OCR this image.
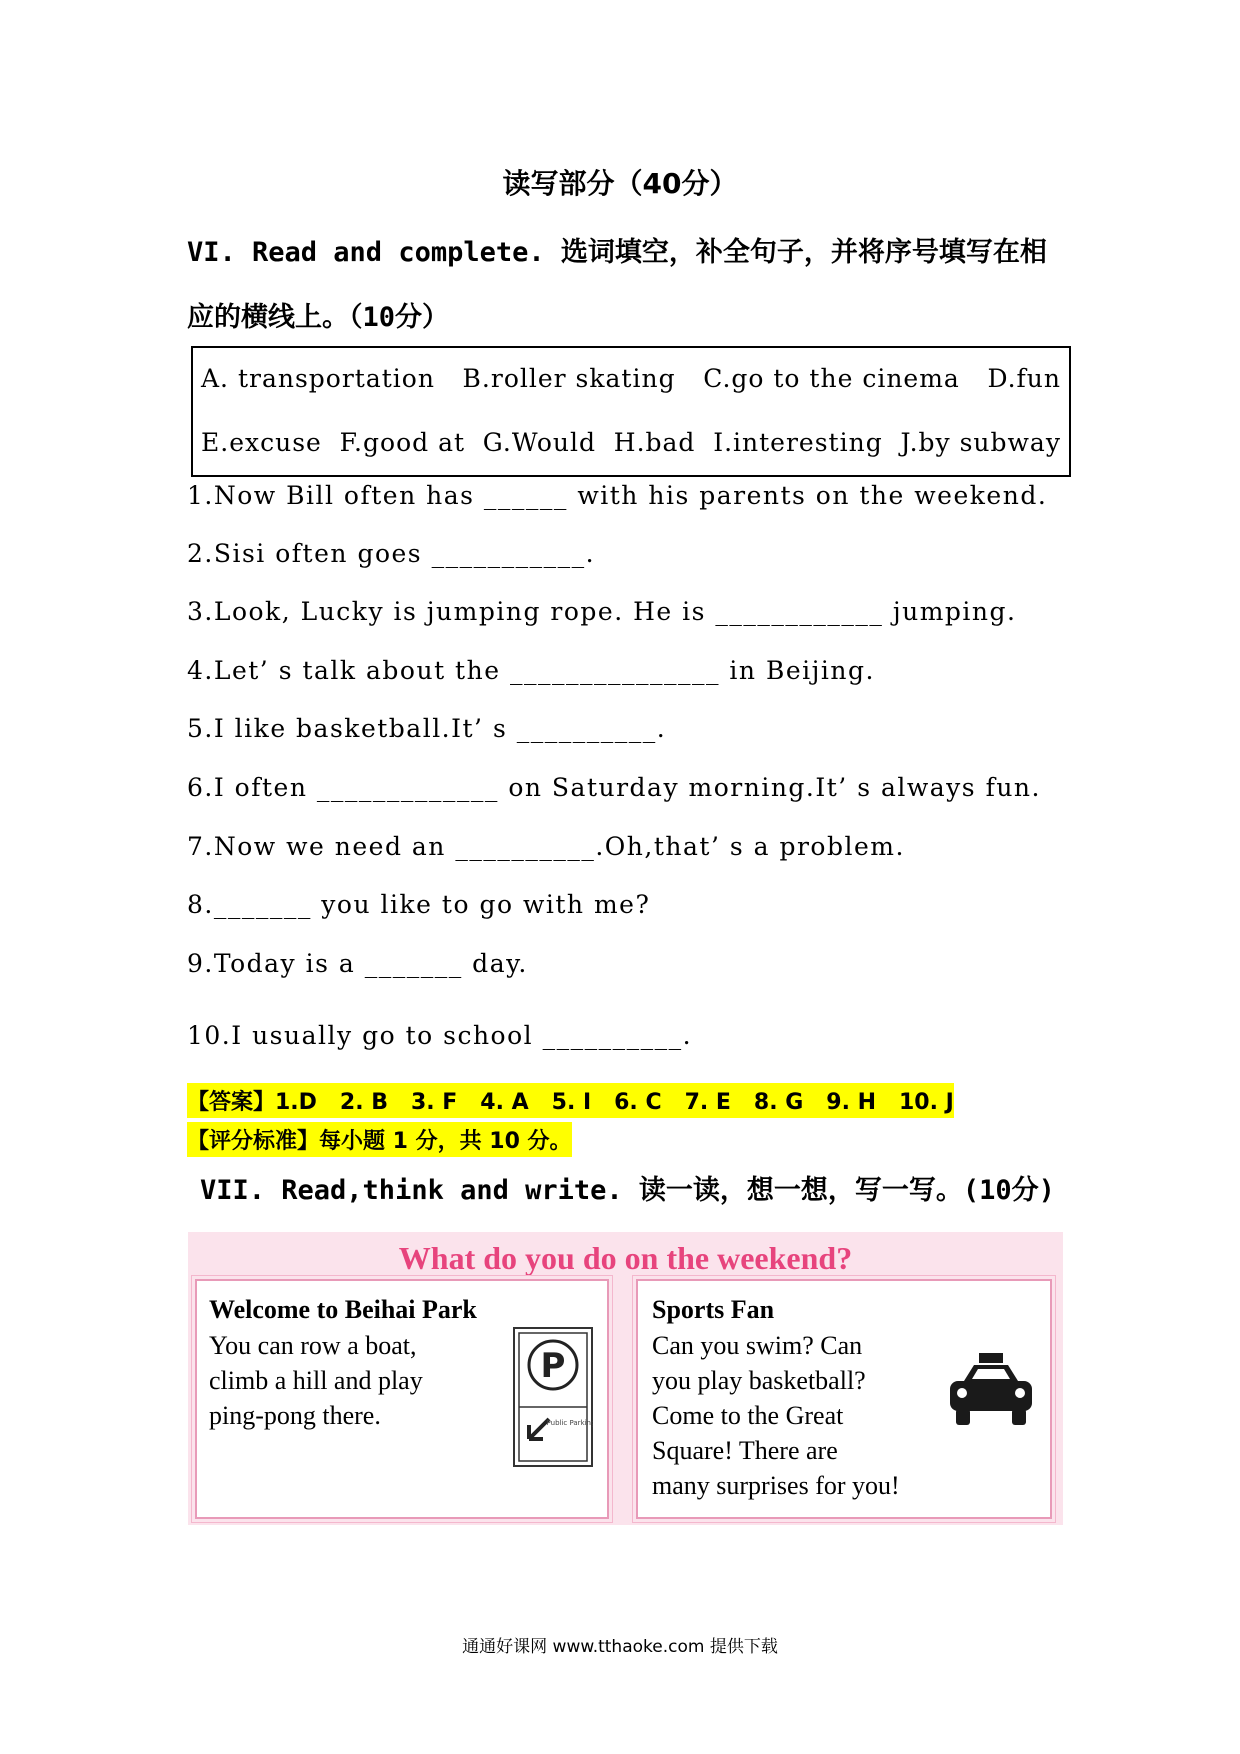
读写部分（40分）
VI. Read and complete. 选词填空，补全句子，并将序号填写在相
应的横线上。（10分）
A. transportation B.roller skating C.go to the cinema D.fun
E.excuse F.good at G.Would H.bad I.interesting J.by subway
1.Now Bill often has ______ with his parents on the weekend.
2.Sisi often goes ___________.
3.Look, Lucky is jumping rope. He is ____________ jumping.
4.Let’ s talk about the _______________ in Beijing.
5.I like basketball.It’ s __________.
6.I often _____________ on Saturday morning.It’ s always fun.
7.Now we need an __________.Oh,that’ s a problem.
8._______ you like to go with me?
9.Today is a _______ day.
10.I usually go to school __________.
【答案】1.D   2. B   3. F   4. A   5. I   6. C   7. E   8. G   9. H   10. J
【评分标准】每小题 1 分，共 10 分。
VII. Read,think and write. 读一读，想一想，写一写。(10分)
What do you do on the weekend?
Welcome to Beihai Park
You can row a boat,
climb a hill and play
ping-pong there.
P
Public Parking
Sports Fan
Can you swim? Can
you play basketball?
Come to the Great
Square! There are
many surprises for you!
通通好课网 www.tthaoke.com 提供下载
